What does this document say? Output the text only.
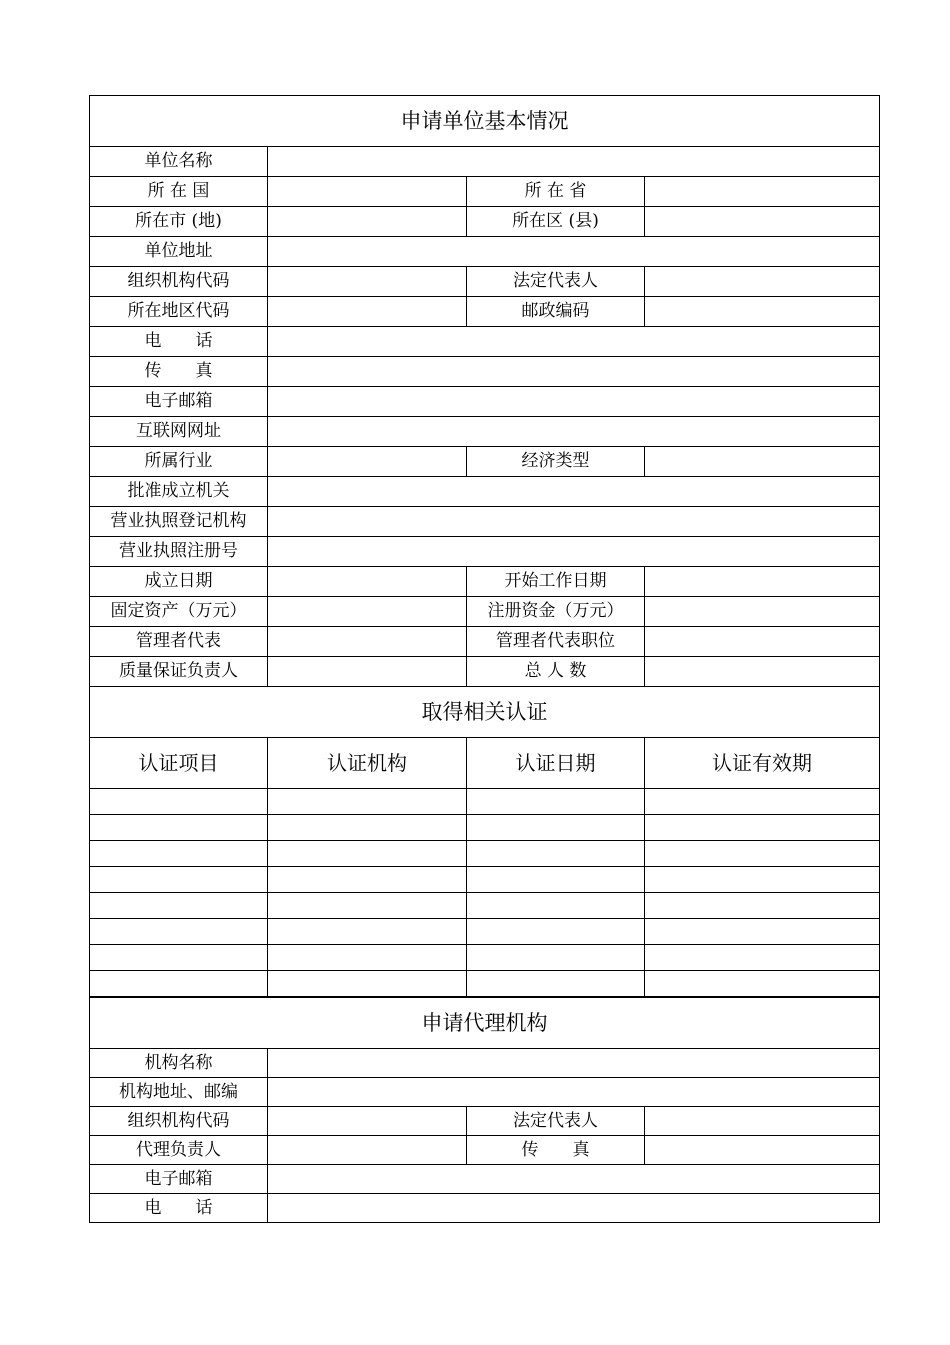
申请单位基本情况			
单位名称			
所 在 国		所 在 省	
所在市 (地)		所在区 (县)	
单位地址			
组织机构代码		法定代表人	
所在地区代码		邮政编码	
电　　话			
传　　真			
电子邮箱			
互联网网址			
所属行业		经济类型	
批准成立机关			
营业执照登记机构			
营业执照注册号			
成立日期		开始工作日期	
固定资产（万元）		注册资金（万元）	
管理者代表		管理者代表职位	
质量保证负责人		总 人 数	
取得相关认证			
认证项目	认证机构	认证日期	认证有效期

申请代理机构			
机构名称			
机构地址、邮编			
组织机构代码		法定代表人	
代理负责人		传　　真	
电子邮箱			
电　　话			
